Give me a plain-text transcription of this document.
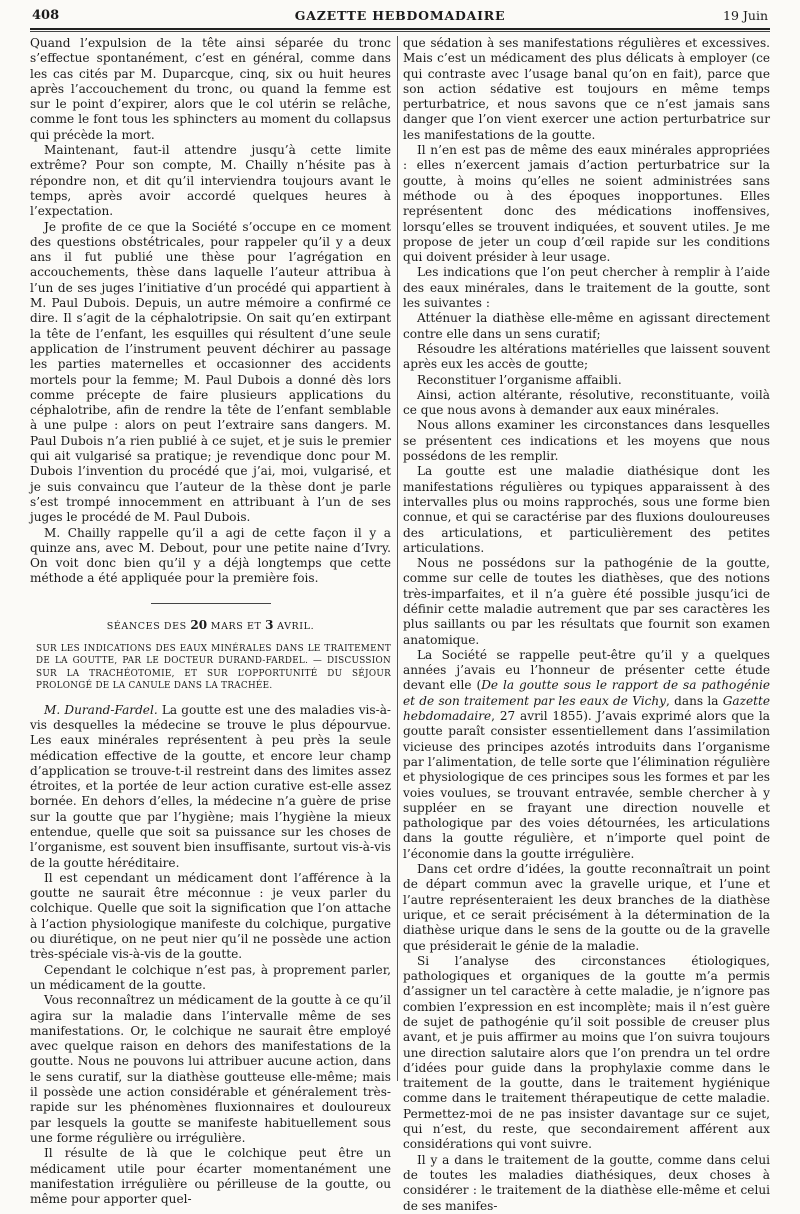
408	GAZETTE HEBDOMADAIRE	19 Juin

Quand l’expulsion de la tête ainsi séparée du tronc s’effectue spontanément, c’est en général, comme dans les cas cités par M. Duparcque, cinq, six ou huit heures après l’accouchement du tronc, ou quand la femme est sur le point d’expirer, alors que le col utérin se relâche, comme le font tous les sphincters au moment du collapsus qui précède la mort.

Maintenant, faut-il attendre jusqu’à cette limite extrême? Pour son compte, M. Chailly n’hésite pas à répondre non, et dit qu’il interviendra toujours avant le temps, après avoir accordé quelques heures à l’expectation.

Je profite de ce que la Société s’occupe en ce moment des questions obstétricales, pour rappeler qu’il y a deux ans il fut publié une thèse pour l’agrégation en accouchements, thèse dans laquelle l’auteur attribua à l’un de ses juges l’initiative d’un procédé qui appartient à M. Paul Dubois. Depuis, un autre mémoire a confirmé ce dire. Il s’agit de la céphalotripsie. On sait qu’en extirpant la tête de l’enfant, les esquilles qui résultent d’une seule application de l’instrument peuvent déchirer au passage les parties maternelles et occasionner des accidents mortels pour la femme; M. Paul Dubois a donné dès lors comme précepte de faire plusieurs applications du céphalotribe, afin de rendre la tête de l’enfant semblable à une pulpe : alors on peut l’extraire sans dangers. M. Paul Dubois n’a rien publié à ce sujet, et je suis le premier qui ait vulgarisé sa pratique; je revendique donc pour M. Dubois l’invention du procédé que j’ai, moi, vulgarisé, et je suis convaincu que l’auteur de la thèse dont je parle s’est trompé innocemment en attribuant à l’un de ses juges le procédé de M. Paul Dubois.

M. Chailly rappelle qu’il a agi de cette façon il y a quinze ans, avec M. Debout, pour une petite naine d’Ivry. On voit donc bien qu’il y a déjà longtemps que cette méthode a été appliquée pour la première fois.

SÉANCES DES 20 MARS ET 3 AVRIL.
SUR LES INDICATIONS DES EAUX MINÉRALES DANS LE TRAITEMENT DE LA GOUTTE, PAR LE DOCTEUR DURAND-FARDEL. — DISCUSSION SUR LA TRACHÉOTOMIE, ET SUR L’OPPORTUNITÉ DU SÉJOUR PROLONGÉ DE LA CANULE DANS LA TRACHÉE.

M. Durand-Fardel. La goutte est une des maladies vis-à-vis desquelles la médecine se trouve le plus dépourvue. Les eaux minérales représentent à peu près la seule médication effective de la goutte, et encore leur champ d’application se trouve-t-il restreint dans des limites assez étroites, et la portée de leur action curative est-elle assez bornée. En dehors d’elles, la médecine n’a guère de prise sur la goutte que par l’hygiène; mais l’hygiène la mieux entendue, quelle que soit sa puissance sur les choses de l’organisme, est souvent bien insuffisante, surtout vis-à-vis de la goutte héréditaire.

Il est cependant un médicament dont l’afférence à la goutte ne saurait être méconnue : je veux parler du colchique. Quelle que soit la signification que l’on attache à l’action physiologique manifeste du colchique, purgative ou diurétique, on ne peut nier qu’il ne possède une action très-spéciale vis-à-vis de la goutte.

Cependant le colchique n’est pas, à proprement parler, un médicament de la goutte.

Vous reconnaîtrez un médicament de la goutte à ce qu’il agira sur la maladie dans l’intervalle même de ses manifestations. Or, le colchique ne saurait être employé avec quelque raison en dehors des manifestations de la goutte. Nous ne pouvons lui attribuer aucune action, dans le sens curatif, sur la diathèse goutteuse elle-même; mais il possède une action considérable et généralement très-rapide sur les phénomènes fluxionnaires et douloureux par lesquels la goutte se manifeste habituellement sous une forme régulière ou irrégulière.

Il résulte de là que le colchique peut être un médicament utile pour écarter momentanément une manifestation irrégulière ou périlleuse de la goutte, ou même pour apporter quel-

que sédation à ses manifestations régulières et excessives. Mais c’est un médicament des plus délicats à employer (ce qui contraste avec l’usage banal qu’on en fait), parce que son action sédative est toujours en même temps perturbatrice, et nous savons que ce n’est jamais sans danger que l’on vient exercer une action perturbatrice sur les manifestations de la goutte.

Il n’en est pas de même des eaux minérales appropriées : elles n’exercent jamais d’action perturbatrice sur la goutte, à moins qu’elles ne soient administrées sans méthode ou à des époques inopportunes. Elles représentent donc des médications inoffensives, lorsqu’elles se trouvent indiquées, et souvent utiles. Je me propose de jeter un coup d’œil rapide sur les conditions qui doivent présider à leur usage.

Les indications que l’on peut chercher à remplir à l’aide des eaux minérales, dans le traitement de la goutte, sont les suivantes :

Atténuer la diathèse elle-même en agissant directement contre elle dans un sens curatif;

Résoudre les altérations matérielles que laissent souvent après eux les accès de goutte;

Reconstituer l’organisme affaibli.

Ainsi, action altérante, résolutive, reconstituante, voilà ce que nous avons à demander aux eaux minérales.

Nous allons examiner les circonstances dans lesquelles se présentent ces indications et les moyens que nous possédons de les remplir.

La goutte est une maladie diathésique dont les manifestations régulières ou typiques apparaissent à des intervalles plus ou moins rapprochés, sous une forme bien connue, et qui se caractérise par des fluxions douloureuses des articulations, et particulièrement des petites articulations.

Nous ne possédons sur la pathogénie de la goutte, comme sur celle de toutes les diathèses, que des notions très-imparfaites, et il n’a guère été possible jusqu’ici de définir cette maladie autrement que par ses caractères les plus saillants ou par les résultats que fournit son examen anatomique.

La Société se rappelle peut-être qu’il y a quelques années j’avais eu l’honneur de présenter cette étude devant elle (De la goutte sous le rapport de sa pathogénie et de son traitement par les eaux de Vichy, dans la Gazette hebdomadaire, 27 avril 1855). J’avais exprimé alors que la goutte paraît consister essentiellement dans l’assimilation vicieuse des principes azotés introduits dans l’organisme par l’alimentation, de telle sorte que l’élimination régulière et physiologique de ces principes sous les formes et par les voies voulues, se trouvant entravée, semble chercher à y suppléer en se frayant une direction nouvelle et pathologique par des voies détournées, les articulations dans la goutte régulière, et n’importe quel point de l’économie dans la goutte irrégulière.

Dans cet ordre d’idées, la goutte reconnaîtrait un point de départ commun avec la gravelle urique, et l’une et l’autre représenteraient les deux branches de la diathèse urique, et ce serait précisément à la détermination de la diathèse urique dans le sens de la goutte ou de la gravelle que présiderait le génie de la maladie.

Si l’analyse des circonstances étiologiques, pathologiques et organiques de la goutte m’a permis d’assigner un tel caractère à cette maladie, je n’ignore pas combien l’expression en est incomplète; mais il n’est guère de sujet de pathogénie qu’il soit possible de creuser plus avant, et je puis affirmer au moins que l’on suivra toujours une direction salutaire alors que l’on prendra un tel ordre d’idées pour guide dans la prophylaxie comme dans le traitement de la goutte, dans le traitement hygiénique comme dans le traitement thérapeutique de cette maladie. Permettez-moi de ne pas insister davantage sur ce sujet, qui n’est, du reste, que secondairement afférent aux considérations qui vont suivre.

Il y a dans le traitement de la goutte, comme dans celui de toutes les maladies diathésiques, deux choses à considérer : le traitement de la diathèse elle-même et celui de ses manifes-
